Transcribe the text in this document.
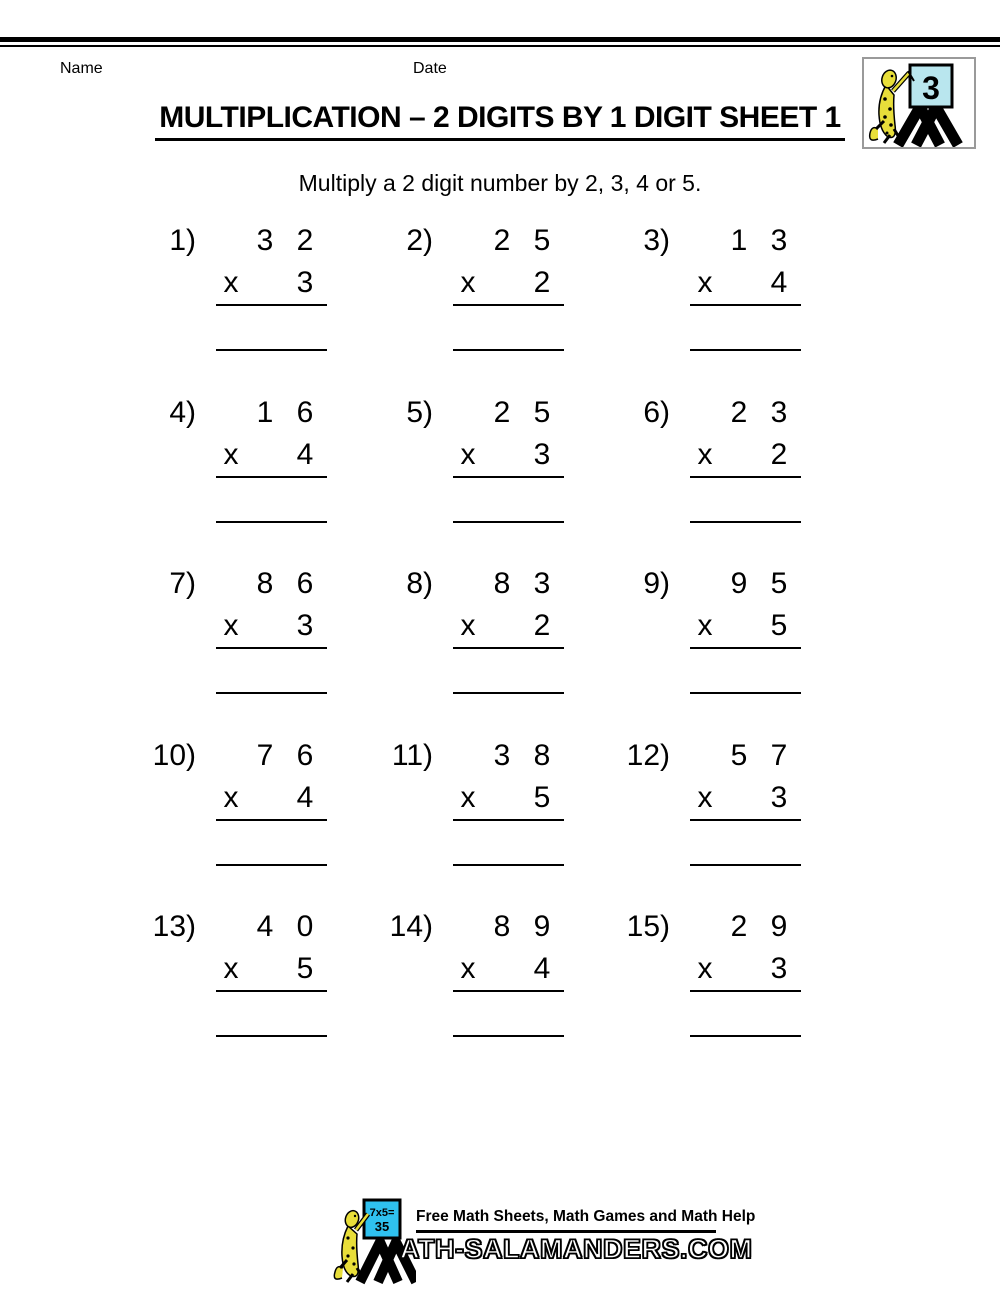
Name	Date
3
MULTIPLICATION – 2 DIGITS BY 1 DIGIT SHEET 1
Multiply a 2 digit number by 2, 3, 4 or 5.
1) 3 2
x 3
2) 2 5
x 2
3) 1 3
x 4
4) 1 6
x 4
5) 2 5
x 3
6) 2 3
x 2
7) 8 6
x 3
8) 8 3
x 2
9) 9 5
x 5
10) 7 6
x 4
11) 3 8
x 5
12) 5 7
x 3
13) 4 0
x 5
14) 8 9
x 4
15) 2 9
x 3
7x5=
35
Free Math Sheets, Math Games and Math Help
ATH-SALAMANDERS.COM
